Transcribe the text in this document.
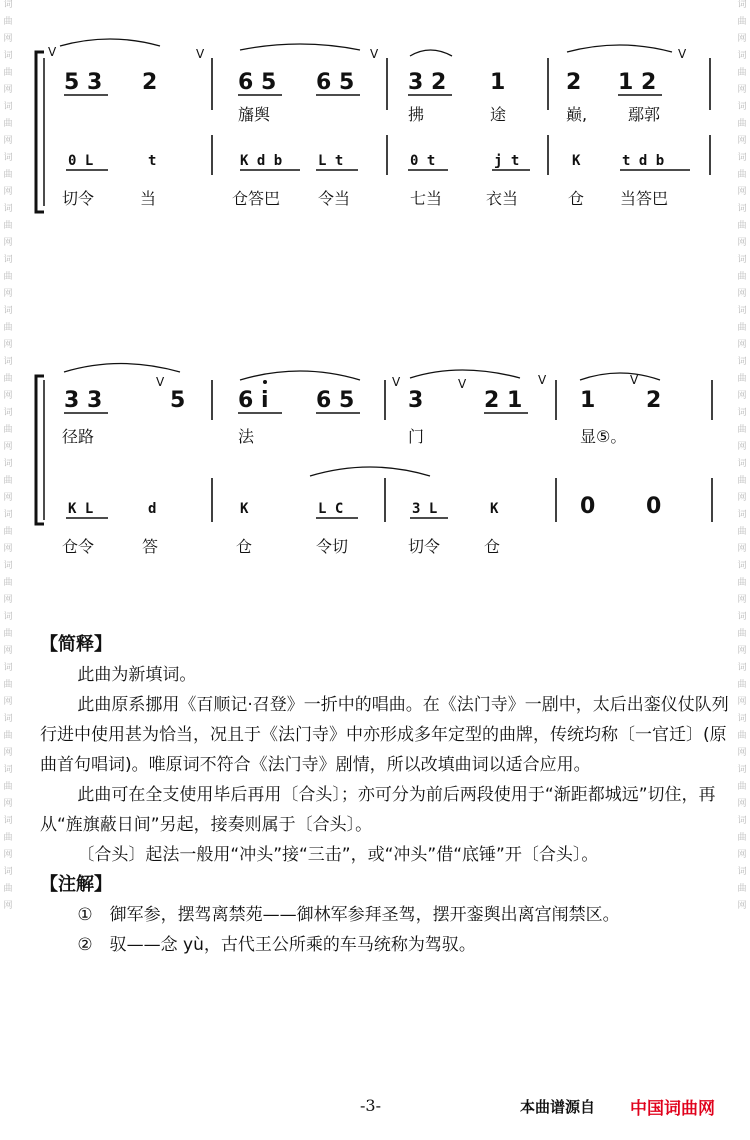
词
曲
网
词
曲
网
词
曲
网
词
曲
网
词
曲
网
词
曲
网
词
曲
网
词
曲
网
词
曲
网
词
曲
网
词
曲
网
词
曲
网
词
曲
网
词
曲
网
词
曲
网
词
曲
网
词
曲
网
词
曲
网
词
曲
网
词
曲
网
词
曲
网
词
曲
网
词
曲
网
词
曲
网
词
曲
网
词
曲
网
词
曲
网
词
曲
网
词
曲
网
词
曲
网
词
曲
网
词
曲
网
词
曲
网
词
曲
网
词
曲
网
词
曲
网
V	V	V	V
V	V	V	V	V
5 3 2	6 5 6 5 3 2 1	2 1 2
旛舆	拂	途	巅,	鄢郭
0 L	t	K d b	L t	0 t	j t	K	t d b
切令	当	仓答巴 令当	七当	衣当	仓 当答巴
3 3	5 6 i 6 5 3	2 1	1 2
径路	法	门	显⑤。
K L	d	K	L C	3 L	K	0 0
仓令	答	仓	令切	切令	仓

【简释】

此曲为新填词。

此曲原系挪用《百顺记·召登》一折中的唱曲。在《法门寺》一剧中，太后出銮仪仗队列行进中使用甚为恰当，况且于《法门寺》中亦形成多年定型的曲牌，传统均称〔一官迁〕(原曲首句唱词)。唯原词不符合《法门寺》剧情，所以改填曲词以适合应用。

此曲可在全支使用毕后再用〔合头〕；亦可分为前后两段使用于“渐距都城远”切住，再从“旌旗蔽日间”另起，接奏则属于〔合头〕。

〔合头〕起法一般用“冲头”接“三击”，或“冲头”借“底锤”开〔合头〕。

【注解】

①　御军参，摆驾离禁苑——御林军参拜圣驾，摆开銮舆出离宫闱禁区。

②　驭——念 yù，古代王公所乘的车马统称为驾驭。

-3-	本曲谱源自 中国词曲网
